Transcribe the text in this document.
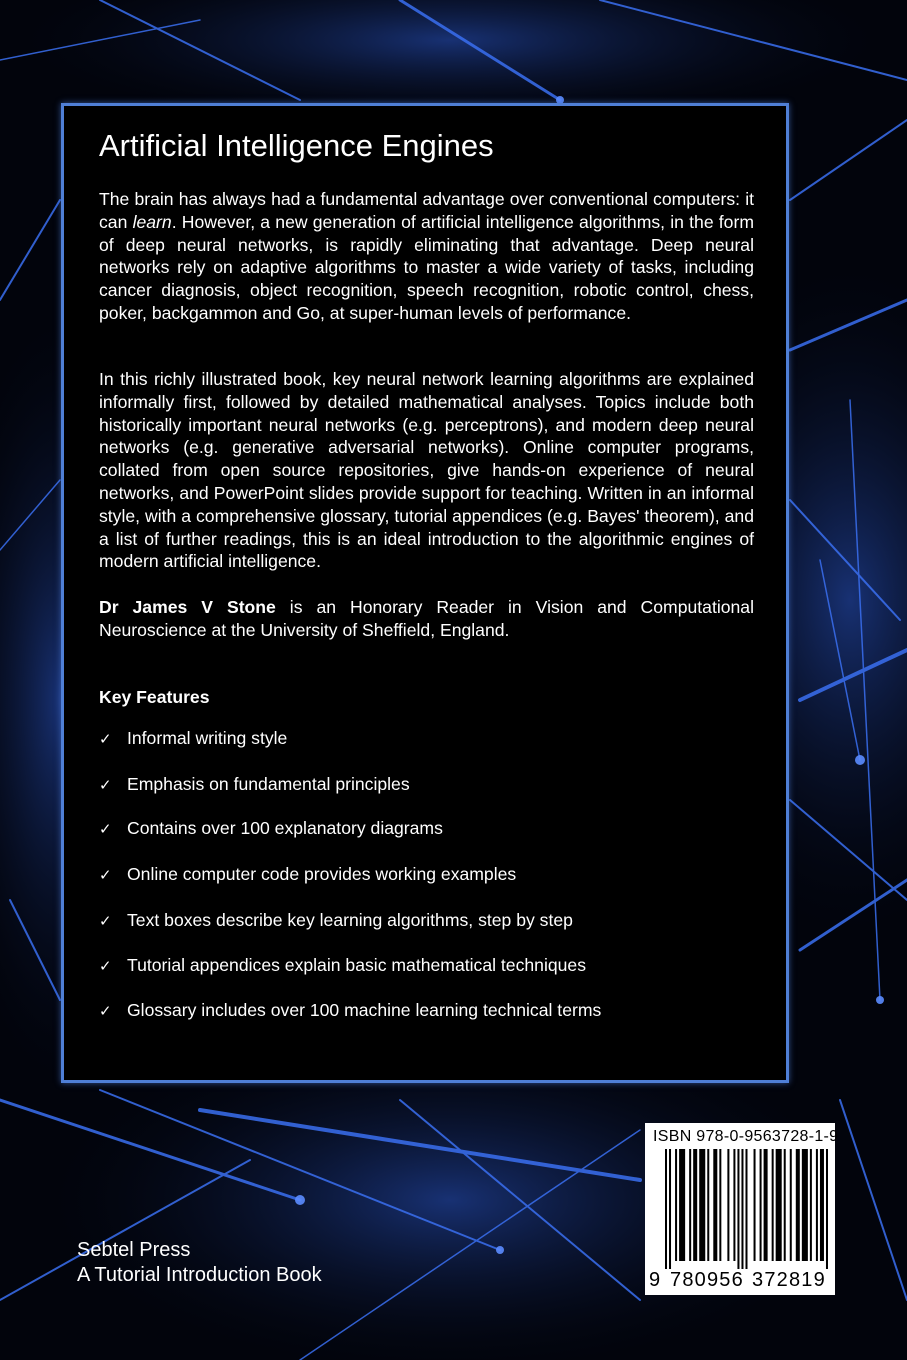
Artificial Intelligence Engines

The brain has always had a fundamental advantage over conventional computers: it can learn. However, a new generation of artificial intelligence algorithms, in the form of deep neural networks, is rapidly eliminating that advantage. Deep neural networks rely on adaptive algorithms to master a wide variety of tasks, including cancer diagnosis, object recognition, speech recognition, robotic control, chess, poker, backgammon and Go, at super-human levels of performance.

In this richly illustrated book, key neural network learning algorithms are explained informally first, followed by detailed mathematical analyses. Topics include both historically important neural networks (e.g. perceptrons), and modern deep neural networks (e.g. generative adversarial networks). Online computer programs, collated from open source repositories, give hands-on experience of neural networks, and PowerPoint slides provide support for teaching. Written in an informal style, with a comprehensive glossary, tutorial appendices (e.g. Bayes' theorem), and a list of further readings, this is an ideal introduction to the algorithmic engines of modern artificial intelligence.

Dr James V Stone is an Honorary Reader in Vision and Computational Neuroscience at the University of Sheffield, England.

Key Features
✓ Informal writing style
✓ Emphasis on fundamental principles
✓ Contains over 100 explanatory diagrams
✓ Online computer code provides working examples
✓ Text boxes describe key learning algorithms, step by step
✓ Tutorial appendices explain basic mathematical techniques
✓ Glossary includes over 100 machine learning technical terms
Sebtel Press
A Tutorial Introduction Book
ISBN 978-0-9563728-1-9
9 780956 372819
